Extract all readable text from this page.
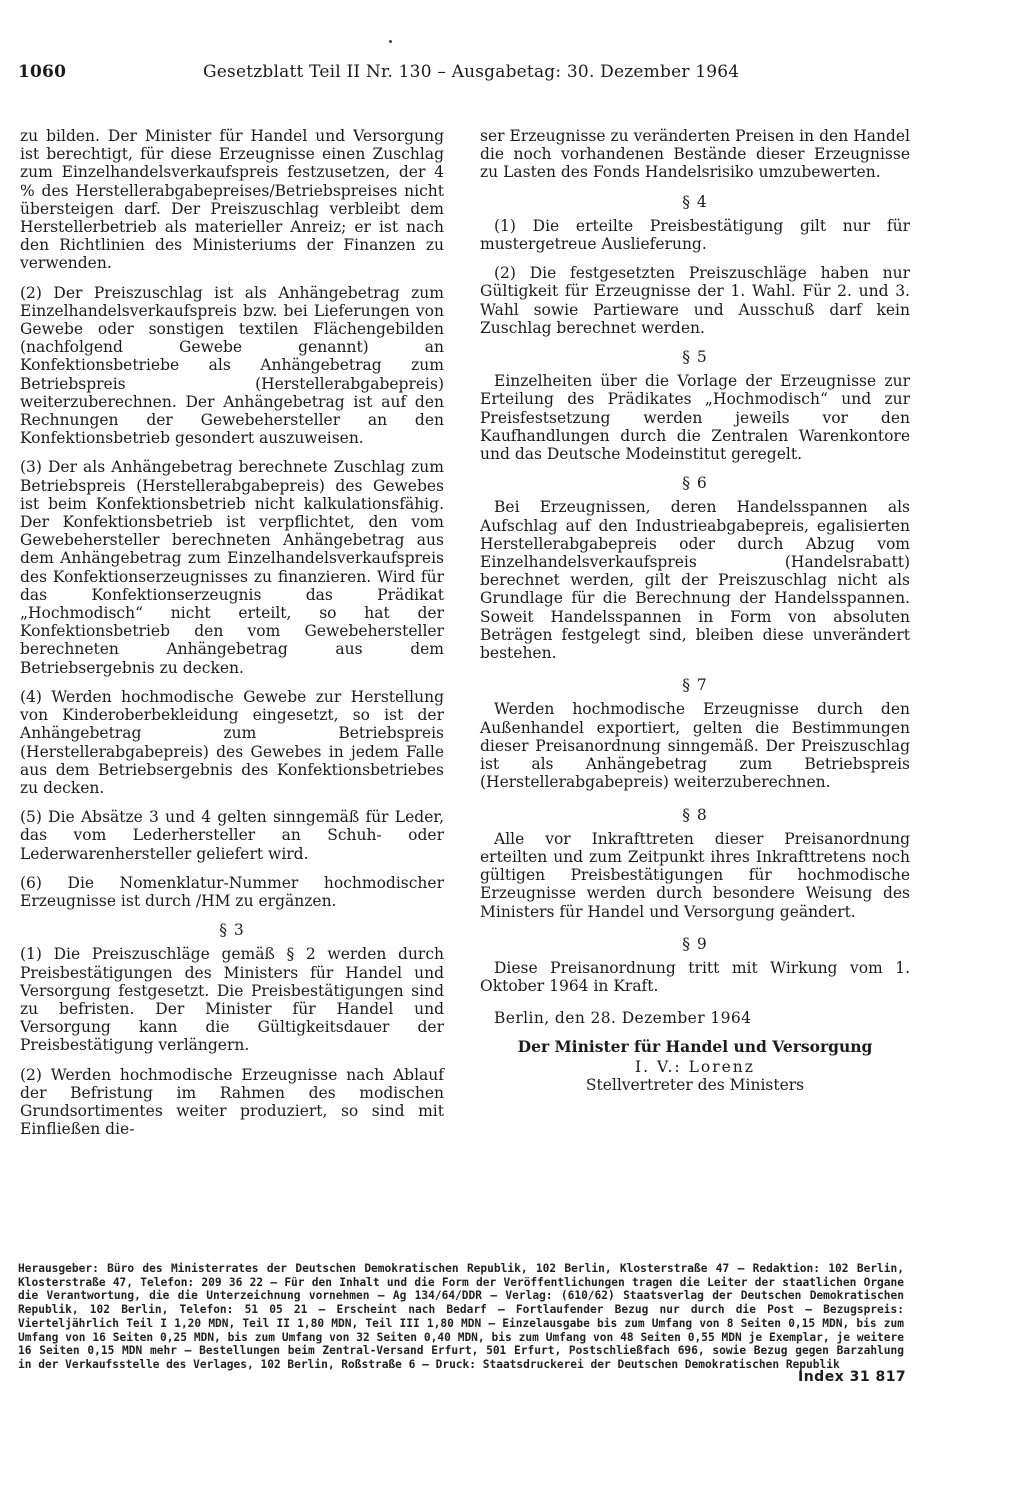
1060	Gesetzblatt Teil II Nr. 130 – Ausgabetag: 30. Dezember 1964

zu bilden. Der Minister für Handel und Versorgung ist berechtigt, für diese Erzeugnisse einen Zuschlag zum Einzelhandelsverkaufspreis festzusetzen, der 4 % des Herstellerabgabepreises/Betriebspreises nicht übersteigen darf. Der Preiszuschlag verbleibt dem Herstellerbetrieb als materieller Anreiz; er ist nach den Richtlinien des Ministeriums der Finanzen zu verwenden.

(2) Der Preiszuschlag ist als Anhängebetrag zum Einzelhandelsverkaufspreis bzw. bei Lieferungen von Gewebe oder sonstigen textilen Flächengebilden (nachfolgend Gewebe genannt) an Konfektionsbetriebe als Anhängebetrag zum Betriebspreis (Herstellerabgabepreis) weiterzuberechnen. Der Anhängebetrag ist auf den Rechnungen der Gewebehersteller an den Konfektionsbetrieb gesondert auszuweisen.

(3) Der als Anhängebetrag berechnete Zuschlag zum Betriebspreis (Herstellerabgabepreis) des Gewebes ist beim Konfektionsbetrieb nicht kalkulationsfähig. Der Konfektionsbetrieb ist verpflichtet, den vom Gewebehersteller berechneten Anhängebetrag aus dem Anhängebetrag zum Einzelhandelsverkaufspreis des Konfektionserzeugnisses zu finanzieren. Wird für das Konfektionserzeugnis das Prädikat „Hochmodisch“ nicht erteilt, so hat der Konfektionsbetrieb den vom Gewebehersteller berechneten Anhängebetrag aus dem Betriebsergebnis zu decken.

(4) Werden hochmodische Gewebe zur Herstellung von Kinderoberbekleidung eingesetzt, so ist der Anhängebetrag zum Betriebspreis (Herstellerabgabepreis) des Gewebes in jedem Falle aus dem Betriebsergebnis des Konfektionsbetriebes zu decken.

(5) Die Absätze 3 und 4 gelten sinngemäß für Leder, das vom Lederhersteller an Schuh- oder Lederwarenhersteller geliefert wird.

(6) Die Nomenklatur-Nummer hochmodischer Erzeugnisse ist durch /HM zu ergänzen.

§ 3

(1) Die Preiszuschläge gemäß § 2 werden durch Preisbestätigungen des Ministers für Handel und Versorgung festgesetzt. Die Preisbestätigungen sind zu befristen. Der Minister für Handel und Versorgung kann die Gültigkeitsdauer der Preisbestätigung verlängern.

(2) Werden hochmodische Erzeugnisse nach Ablauf der Befristung im Rahmen des modischen Grundsortimentes weiter produziert, so sind mit Einfließen die-

ser Erzeugnisse zu veränderten Preisen in den Handel die noch vorhandenen Bestände dieser Erzeugnisse zu Lasten des Fonds Handelsrisiko umzubewerten.

§ 4

(1) Die erteilte Preisbestätigung gilt nur für mustergetreue Auslieferung.

(2) Die festgesetzten Preiszuschläge haben nur Gültigkeit für Erzeugnisse der 1. Wahl. Für 2. und 3. Wahl sowie Partieware und Ausschuß darf kein Zuschlag berechnet werden.

§ 5

Einzelheiten über die Vorlage der Erzeugnisse zur Erteilung des Prädikates „Hochmodisch“ und zur Preisfestsetzung werden jeweils vor den Kaufhandlungen durch die Zentralen Warenkontore und das Deutsche Modeinstitut geregelt.

§ 6

Bei Erzeugnissen, deren Handelsspannen als Aufschlag auf den Industrieabgabepreis, egalisierten Herstellerabgabepreis oder durch Abzug vom Einzelhandelsverkaufspreis (Handelsrabatt) berechnet werden, gilt der Preiszuschlag nicht als Grundlage für die Berechnung der Handelsspannen. Soweit Handelsspannen in Form von absoluten Beträgen festgelegt sind, bleiben diese unverändert bestehen.

§ 7

Werden hochmodische Erzeugnisse durch den Außenhandel exportiert, gelten die Bestimmungen dieser Preisanordnung sinngemäß. Der Preiszuschlag ist als Anhängebetrag zum Betriebspreis (Herstellerabgabepreis) weiterzuberechnen.

§ 8

Alle vor Inkrafttreten dieser Preisanordnung erteilten und zum Zeitpunkt ihres Inkrafttretens noch gültigen Preisbestätigungen für hochmodische Erzeugnisse werden durch besondere Weisung des Ministers für Handel und Versorgung geändert.

§ 9

Diese Preisanordnung tritt mit Wirkung vom 1. Oktober 1964 in Kraft.

Berlin, den 28. Dezember 1964
Der Minister für Handel und Versorgung
I. V.: Lorenz
Stellvertreter des Ministers

Herausgeber: Büro des Ministerrates der Deutschen Demokratischen Republik, 102 Berlin, Klosterstraße 47 – Redaktion: 102 Berlin, Klosterstraße 47, Telefon: 209 36 22 – Für den Inhalt und die Form der Veröffentlichungen tragen die Leiter der staatlichen Organe die Verantwortung, die die Unterzeichnung vornehmen – Ag 134/64/DDR – Verlag: (610/62) Staatsverlag der Deutschen Demokratischen Republik, 102 Berlin, Telefon: 51 05 21 – Erscheint nach Bedarf – Fortlaufender Bezug nur durch die Post – Bezugspreis: Vierteljährlich Teil I 1,20 MDN, Teil II 1,80 MDN, Teil III 1,80 MDN – Einzelausgabe bis zum Umfang von 8 Seiten 0,15 MDN, bis zum Umfang von 16 Seiten 0,25 MDN, bis zum Umfang von 32 Seiten 0,40 MDN, bis zum Umfang von 48 Seiten 0,55 MDN je Exemplar, je weitere 16 Seiten 0,15 MDN mehr – Bestellungen beim Zentral-Versand Erfurt, 501 Erfurt, Postschließfach 696, sowie Bezug gegen Barzahlung in der Verkaufsstelle des Verlages, 102 Berlin, Roßstraße 6 – Druck: Staatsdruckerei der Deutschen Demokratischen Republik

Index 31 817
